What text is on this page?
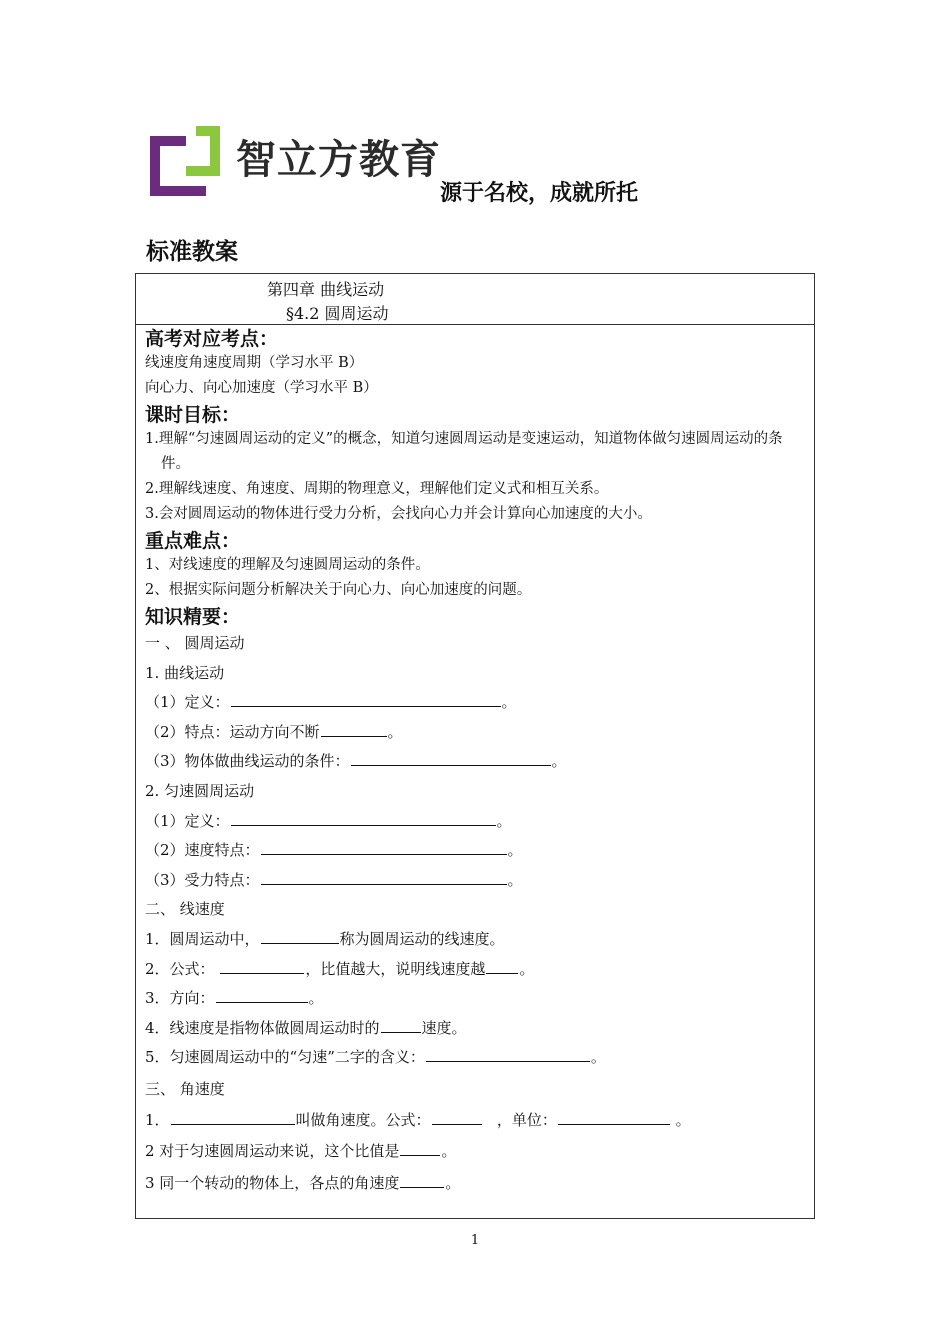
智立方教育
源于名校，成就所托
标准教案
第四章 曲线运动
§4.2 圆周运动
高考对应考点：
线速度角速度周期（学习水平 B）
向心力、向心加速度（学习水平 B）
课时目标：
1.理解“匀速圆周运动的定义”的概念，知道匀速圆周运动是变速运动，知道物体做匀速圆周运动的条件。
2.理解线速度、角速度、周期的物理意义，理解他们定义式和相互关系。
3.会对圆周运动的物体进行受力分析，会找向心力并会计算向心加速度的大小。
重点难点：
1、对线速度的理解及匀速圆周运动的条件。
2、根据实际问题分析解决关于向心力、向心加速度的问题。
知识精要：
一 、 圆周运动
1. 曲线运动
（1）定义：	。
（2）特点：运动方向不断	。
（3）物体做曲线运动的条件：	。
2. 匀速圆周运动
（1）定义：	。
（2）速度特点：	。
（3）受力特点：	。
二、 线速度
1．圆周运动中，	称为圆周运动的线速度。
2．公式：	，比值越大，说明线速度越 。
3．方向：	。
4．线速度是指物体做圆周运动时的	速度。
5．匀速圆周运动中的“匀速”二字的含义：	。
三、 角速度
1．	叫做角速度。公式：	，单位：	。
2 对于匀速圆周运动来说，这个比值是	。
3 同一个转动的物体上，各点的角速度	。
1
